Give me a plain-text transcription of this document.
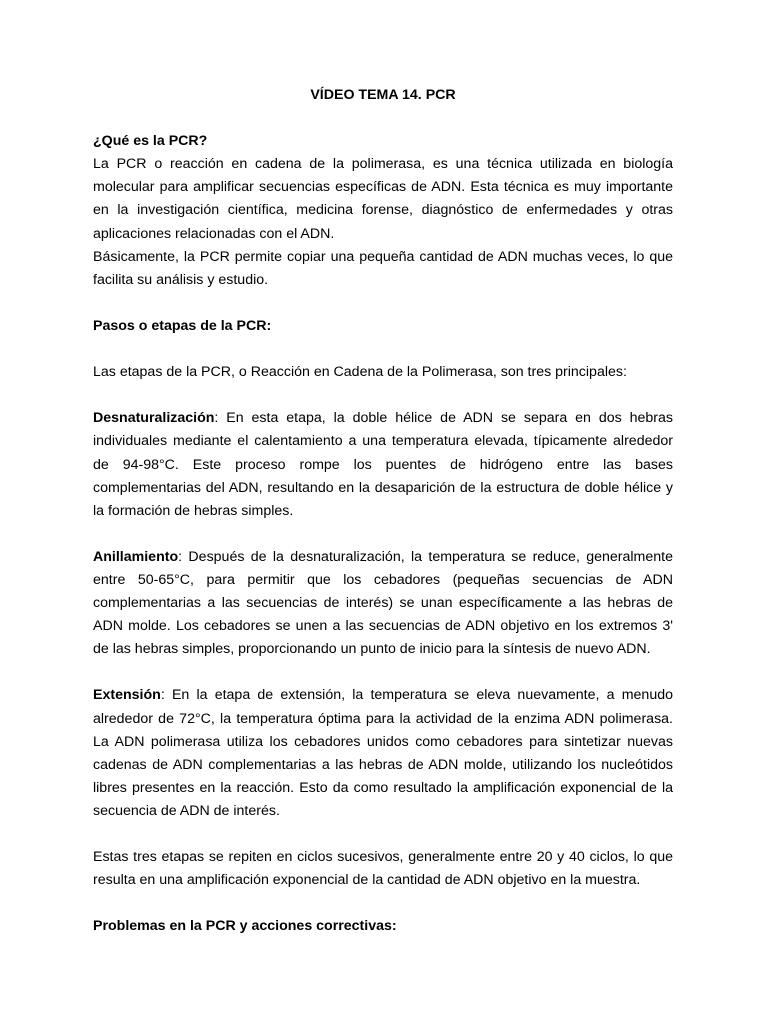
VÍDEO TEMA 14. PCR

¿Qué es la PCR?

La PCR o reacción en cadena de la polimerasa, es una técnica utilizada en biología molecular para amplificar secuencias específicas de ADN. Esta técnica es muy importante en la investigación científica, medicina forense, diagnóstico de enfermedades y otras aplicaciones relacionadas con el ADN.

Básicamente, la PCR permite copiar una pequeña cantidad de ADN muchas veces, lo que facilita su análisis y estudio.

Pasos o etapas de la PCR:

Las etapas de la PCR, o Reacción en Cadena de la Polimerasa, son tres principales:

Desnaturalización: En esta etapa, la doble hélice de ADN se separa en dos hebras individuales mediante el calentamiento a una temperatura elevada, típicamente alrededor de 94-98°C. Este proceso rompe los puentes de hidrógeno entre las bases complementarias del ADN, resultando en la desaparición de la estructura de doble hélice y la formación de hebras simples.

Anillamiento: Después de la desnaturalización, la temperatura se reduce, generalmente entre 50-65°C, para permitir que los cebadores (pequeñas secuencias de ADN complementarias a las secuencias de interés) se unan específicamente a las hebras de ADN molde. Los cebadores se unen a las secuencias de ADN objetivo en los extremos 3' de las hebras simples, proporcionando un punto de inicio para la síntesis de nuevo ADN.

Extensión: En la etapa de extensión, la temperatura se eleva nuevamente, a menudo alrededor de 72°C, la temperatura óptima para la actividad de la enzima ADN polimerasa. La ADN polimerasa utiliza los cebadores unidos como cebadores para sintetizar nuevas cadenas de ADN complementarias a las hebras de ADN molde, utilizando los nucleótidos libres presentes en la reacción. Esto da como resultado la amplificación exponencial de la secuencia de ADN de interés.

Estas tres etapas se repiten en ciclos sucesivos, generalmente entre 20 y 40 ciclos, lo que resulta en una amplificación exponencial de la cantidad de ADN objetivo en la muestra.

Problemas en la PCR y acciones correctivas:
